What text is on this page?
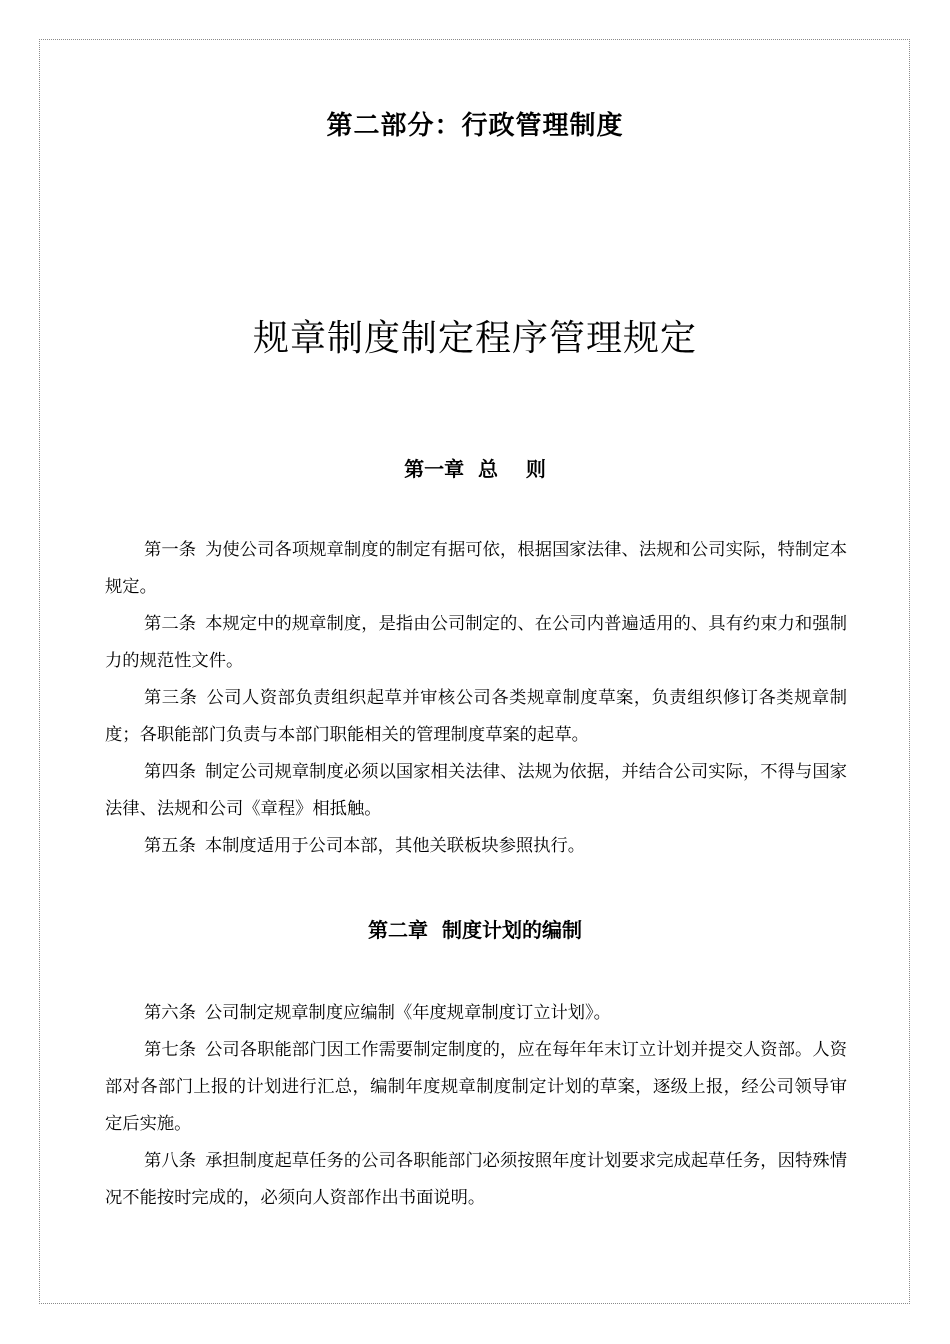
第二部分：行政管理制度
规章制度制定程序管理规定
第一章  总    则

第一条 为使公司各项规章制度的制定有据可依，根据国家法律、法规和公司实际，特制定本规定。

第二条 本规定中的规章制度，是指由公司制定的、在公司内普遍适用的、具有约束力和强制力的规范性文件。

第三条 公司人资部负责组织起草并审核公司各类规章制度草案，负责组织修订各类规章制度；各职能部门负责与本部门职能相关的管理制度草案的起草。

第四条 制定公司规章制度必须以国家相关法律、法规为依据，并结合公司实际，不得与国家法律、法规和公司《章程》相抵触。

第五条 本制度适用于公司本部，其他关联板块参照执行。

第二章  制度计划的编制

第六条 公司制定规章制度应编制《年度规章制度订立计划》。

第七条 公司各职能部门因工作需要制定制度的，应在每年年末订立计划并提交人资部。人资部对各部门上报的计划进行汇总，编制年度规章制度制定计划的草案，逐级上报，经公司领导审定后实施。

第八条 承担制度起草任务的公司各职能部门必须按照年度计划要求完成起草任务，因特殊情况不能按时完成的，必须向人资部作出书面说明。
